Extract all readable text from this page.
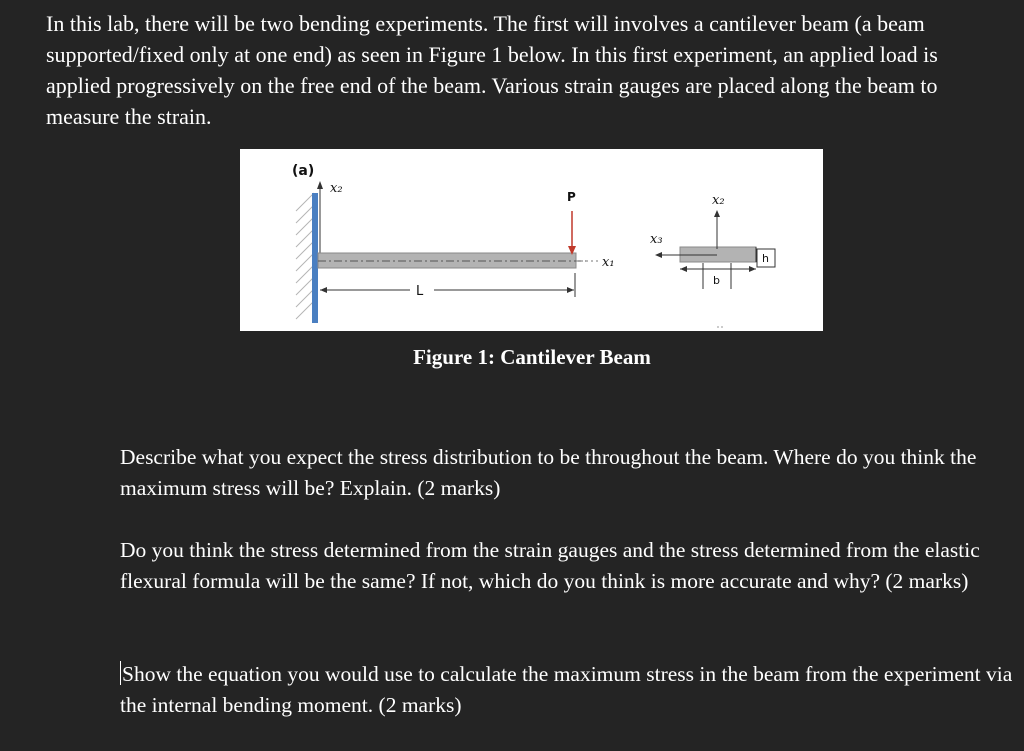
In this lab, there will be two bending experiments. The first will involves a cantilever beam (a beam supported/fixed only at one end) as seen in Figure 1 below. In this first experiment, an applied load is applied progressively on the free end of the beam. Various strain gauges are placed along the beam to measure the strain.

(a)
x₂
P
x₁
L
x₂
x₃
b
h

Figure 1: Cantilever Beam

Describe what you expect the stress distribution to be throughout the beam. Where do you think the maximum stress will be? Explain. (2 marks)

Do you think the stress determined from the strain gauges and the stress determined from the elastic flexural formula will be the same? If not, which do you think is more accurate and why? (2 marks)

Show the equation you would use to calculate the maximum stress in the beam from the experiment via the internal bending moment. (2 marks)
